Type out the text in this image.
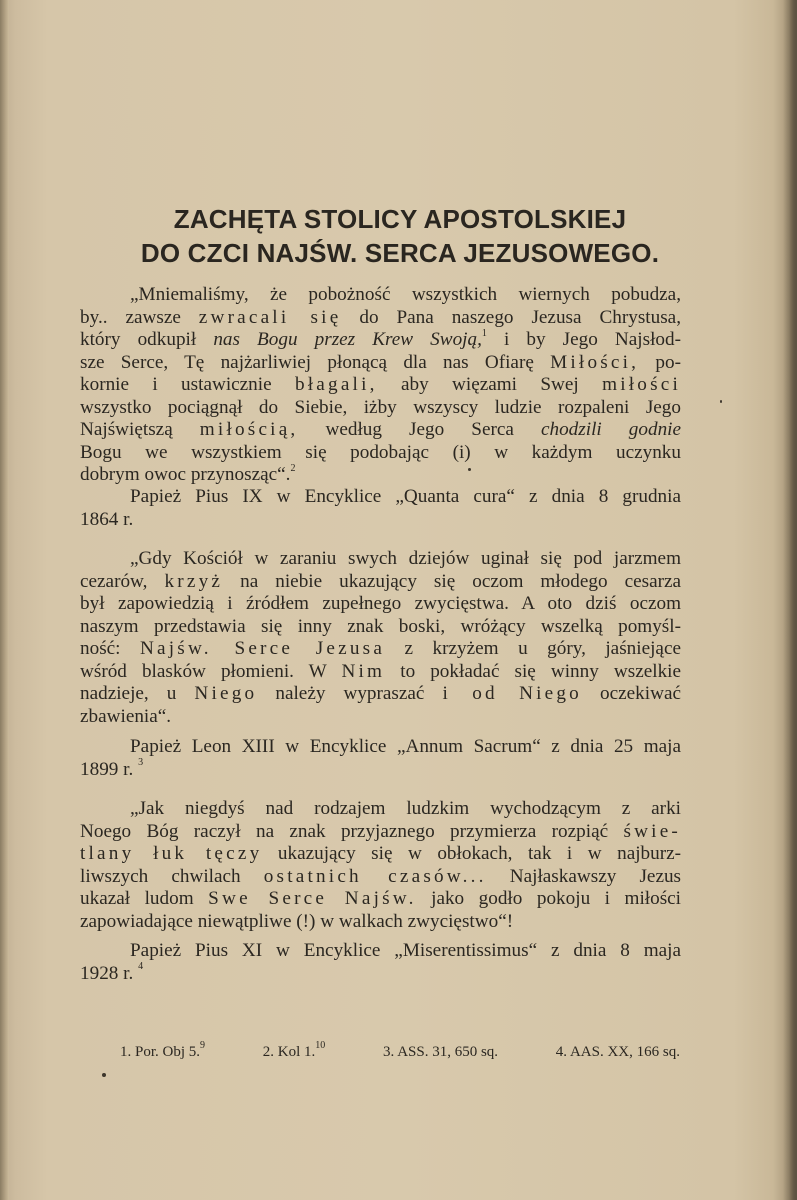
ZACHĘTA STOLICY APOSTOLSKIEJ
DO CZCI NAJŚW. SERCA JEZUSOWEGO.
„Mniemaliśmy, że pobożność wszystkich wiernych pobudza,
by.. zawsze zwracali się do Pana naszego Jezusa Chrystusa,
który odkupił nas Bogu przez Krew Swoją,$^1$ i by Jego Najsłod-
sze Serce, Tę najżarliwiej płonącą dla nas Ofiarę Miłości, po-
kornie i ustawicznie błagali, aby więzami Swej miłości
wszystko pociągnął do Siebie, iżby wszyscy ludzie rozpaleni Jego
Najświętszą miłością, według Jego Serca chodzili godnie
Bogu we wszystkiem się podobając (i) w każdym uczynku
dobrym owoc przynosząc“.$^2$
Papież Pius IX w Encyklice „Quanta cura“ z dnia 8 grudnia
1864 r.
„Gdy Kościół w zaraniu swych dziejów uginał się pod jarzmem
cezarów, krzyż na niebie ukazujący się oczom młodego cesarza
był zapowiedzią i źródłem zupełnego zwycięstwa. A oto dziś oczom
naszym przedstawia się inny znak boski, wróżący wszelką pomyśl-
ność: Najśw. Serce Jezusa z krzyżem u góry, jaśniejące
wśród blasków płomieni. W Nim to pokładać się winny wszelkie
nadzieje, u Niego należy wypraszać i od Niego oczekiwać
zbawienia“.
Papież Leon XIII w Encyklice „Annum Sacrum“ z dnia 25 maja
1899 r. $^3$
„Jak niegdyś nad rodzajem ludzkim wychodzącym z arki
Noego Bóg raczył na znak przyjaznego przymierza rozpiąć świe-
tlany łuk tęczy ukazujący się w obłokach, tak i w najburz-
liwszych chwilach ostatnich czasów... Najłaskawszy Jezus
ukazał ludom Swe Serce Najśw. jako godło pokoju i miłości
zapowiadające niewątpliwe (!) w walkach zwycięstwo“!
Papież Pius XI w Encyklice „Miserentissimus“ z dnia 8 maja
1928 r. $^4$
1. Por. Obj 5.$^9$	2. Kol 1.10	3. ASS. 31, 650 sq.	4. AAS. XX, 166 sq.
